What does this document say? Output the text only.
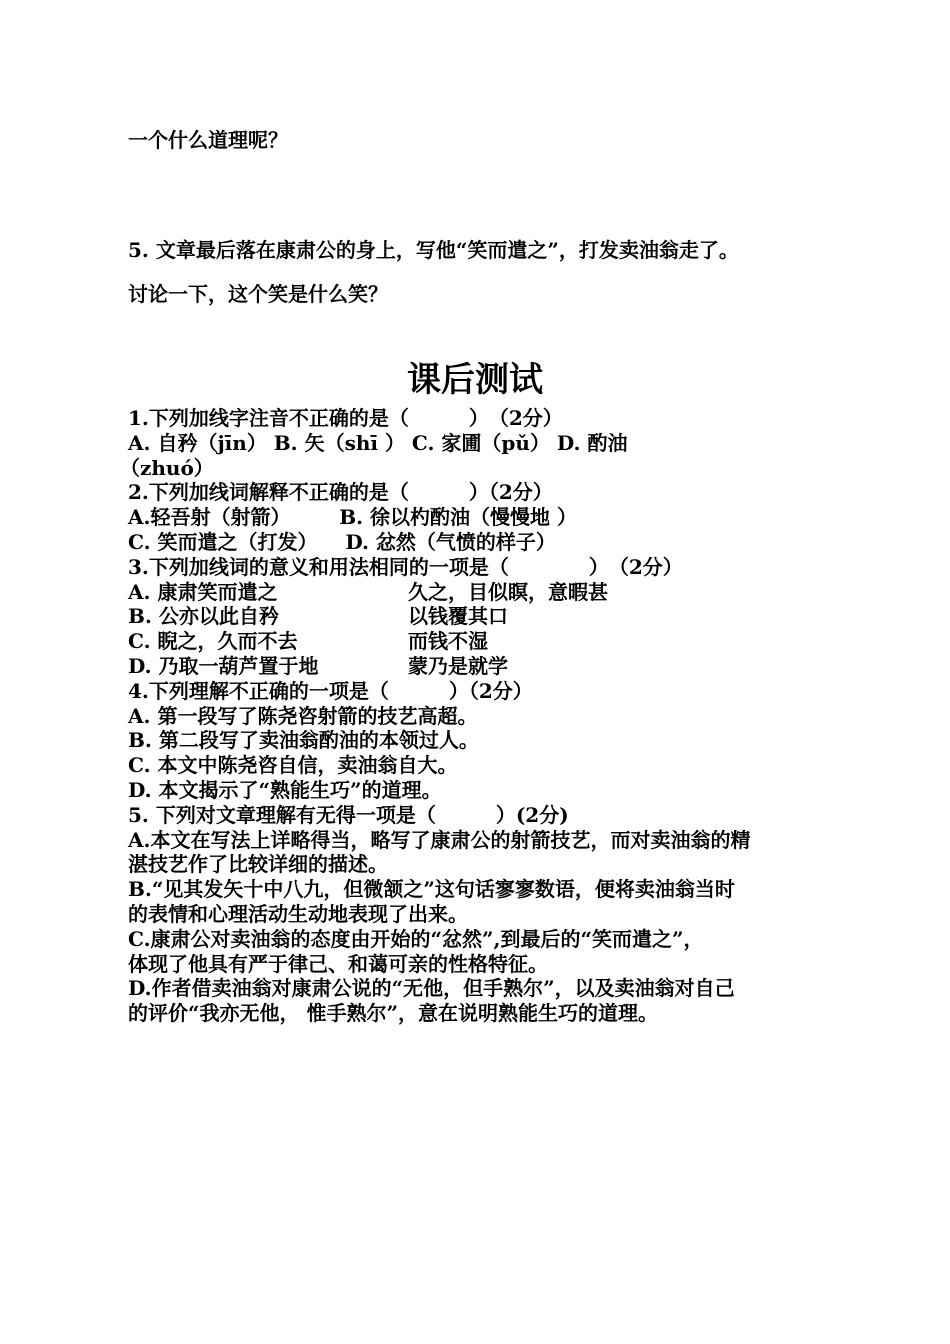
一个什么道理呢？
5. 文章最后落在康肃公的身上，写他“笑而遣之”，打发卖油翁走了。
讨论一下，这个笑是什么笑？
课后测试
1.下列加线字注音不正确的是（　　　）　（2分）
A. 自矜（jīn） B. 矢（shī ） C. 家圃（pǔ） D. 酌油
（zhuó）
2.下列加线词解释不正确的是（　　　）（2分）
A.轻吾射（射箭）       B. 徐以杓酌油（慢慢地 ）
C. 笑而遣之（打发）    D. 忿然（气愤的样子）
3.下列加线词的意义和用法相同的一项是（　　　　）　（2分）
A. 康肃笑而遣之	久之，目似瞑，意暇甚
B. 公亦以此自矜	以钱覆其口
C. 睨之，久而不去	而钱不湿
D. 乃取一葫芦置于地	蒙乃是就学
4.下列理解不正确的一项是（　　　）（2分）
A. 第一段写了陈尧咨射箭的技艺高超。
B. 第二段写了卖油翁酌油的本领过人。
C. 本文中陈尧咨自信，卖油翁自大。
D. 本文揭示了“熟能生巧”的道理。
5. 下列对文章理解有无得一项是（　　　）(2分)
A.本文在写法上详略得当，略写了康肃公的射箭技艺，而对卖油翁的精
湛技艺作了比较详细的描述。
B.“见其发矢十中八九，但微颔之”这句话寥寥数语，便将卖油翁当时
的表情和心理活动生动地表现了出来。
C.康肃公对卖油翁的态度由开始的“忿然”,到最后的“笑而遣之”，
体现了他具有严于律己、和蔼可亲的性格特征。
D.作者借卖油翁对康肃公说的“无他，但手熟尔”，以及卖油翁对自己
的评价“我亦无他， 惟手熟尔”，意在说明熟能生巧的道理。
